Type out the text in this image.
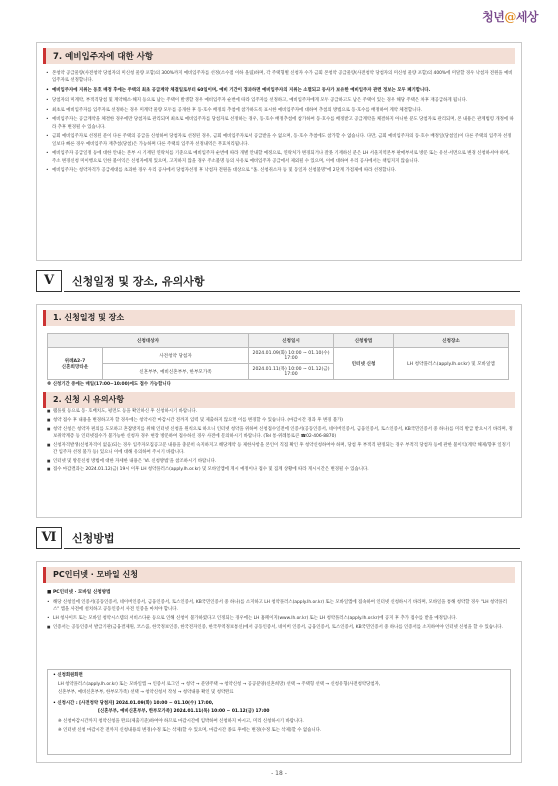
청년@세상
7. 예비입주자에 대한 사항
• 본청약 공급물량(사전청약 당첨자의 미신청 물량 포함)의 300%까지 예비입주자를 선정(소수점 이하 올림)하며, 각 주택형별 신청자 수가 금회 본청약 공급물량(사전청약 당첨자의 미신청 물량 포함)의 400%에 미달할 경우 낙첨자 전원을 예비입주자로 선정합니다.
• 예비입주자에 지위는 동호 배정 후에는 주택의 최초 공급계약 체결일로부터 60일이며, 예비 기간이 경과하면 예비입주자의 지위는 소멸되고 동사가 보유한 예비입주자 관련 정보는 모두 폐기합니다.
• 당첨자의 미계약, 부적격당첨 및 계약해소·해지 등으로 남는 주택이 발생할 경우 예비입주자 순번에 따라 입주자를 선정하고, 예비입주자에게 모두 공급하고도 남은 주택이 있는 경우 해당 주택은 차후 재공급하게 됩니다.
• 최초로 예비입주자를 입주자로 선정하는 경우 미계약 물량 모두를 공개한 후 동·호수 배정의 추첨에 참가하도록 표시한 예비입주자에 대하여 추첨의 방법으로 동·호수를 배정하여 계약 체결합니다.
• 예비입주자는 공급계약을 체결한 경우에만 당첨자로 관리되며 최초로 예비입주자를 당첨자로 선정하는 경우, 동·호수 배정추첨에 참가하여 동·호수를 배정받고 공급계약을 체결하지 아니한 분도 당첨자로 관리되며, 본 내용은 관계법령 개정에 따라 추후 변경될 수 있습니다.
• 금회 예비입주자로 선정된 분이 다른 주택의 공급을 신청하여 당첨자로 선정된 경우, 금회 예비입주자로서 공급받을 수 없으며, 동·호수 추첨에도 참가할 수 없습니다. 다만, 금회 예비입주자의 동·호수 배정일(당첨일)이 다른 주택의 입주자 선정일보다 빠른 경우 예비입주자 재추첨(당첨)은 가능하며 다른 주택의 입주자 선정내역은 무효처리됩니다.
• 예비입주자 공급일정 등에 대한 안내는 본부 시 기재된 연락처를 기준으로 예비입주자 순번에 따라 개별 안내할 예정으로, 연락처가 변경되거나 잘못 기재하신 분은 LH 서울지역본부 판매부서로 방문 또는 유선·서면으로 변경 신청하셔야 하며, 주소 변경신청 미이행으로 인한 불이익은 신청자에게 있으며, 고지하지 않을 경우 주소불명 등의 사유로 예비입주자 공급에서 제외될 수 있으며, 이에 대하여 우리 공사에서는 책임지지 않습니다.
• 예비입주자는 청약자격가 공급세대를 초과한 경우 우리 공사에서 당첨자선정 후 낙첨자 전원을 대상으로 "홈. 신청취소자 등 및 동일자 신청불명"에 2단계 가점제에 따라 선정합니다.
Ⅴ	신청일정 및 장소, 유의사항
1. 신청일정 및 장소
신청대상자		신청일시	신청방법	신청장소
위례A2-7
신혼희망타운	사전청약 당첨자	2024.01.09(화) 10:00 ~ 01.10(수) 17:00	인터넷 신청	LH 청약플러스(apply.lh.or.kr) 및 모바일앱
	신혼부부, 예비신혼부부, 한부모가족	2024.01.11(목) 10:00 ~ 01.12(금) 17:00		
※ 신청기간 중에는 매일(17:00~10:00)에도 접수 가능합니다
2. 신청 시 유의사항
■ 팸플릿 등으로 동· 호배치도, 평면도 등을 확인하신 후 신청하시기 바랍니다.
■ 청약 접수 후 내용을 변경하고자 할 경우에는 청약시간 마감시간 전까지 입력 및 제출하지 않으면 이를 변경할 수 있습니다. (마감시간 경과 후 변경 불가)
■ 청약 신청은 청약자 편의를 도모하고 혼잡방지를 위해 인터넷 신청을 원칙으로 하오니 인터넷 청약을 위하여 신청접수일전에 인증서(공동인증서, 네이버인증서, 금융인증서, 토스인증서, KB국민인증서 중 하나)를 미리 발급 받으시기 바라며, 정보취약계층 등 인터넷접수가 불가능한 신청자 경우 현장 방문하여 접수하신 경우 사전에 문의하시기 바랍니다. (Tel 통·위례통로큰 ☎02-406-8870)
■ 신청자격발생(신청자격이 없음)되는 경우 입주자모집공고문 내용을 충분히 숙지하지고 해당계약 등 제한사항을 본인이 직접 확인 후 청약신청하여야 하며, 당첨 후 부적격 판정되는 경우 부적격 당첨자 등에 관한 불이익(계약 해제/향후 일정기간 입주자 선정 불가 등) 있으니 이에 대해 유의하여 주시기 바랍니다.
■ 인터넷 및 방문신청 방법에 대한 자세한 내용은 'Ⅵ. 신청방법'을 참조하시기 바랍니다.
■ 접수 마감결과는 2024.01.12(금) 19시 이후 LH 청약플러스(apply.lh.or.kr) 및 모바일앱에 게시 예정이나 접수 및 집계 상황에 따라 게시시간은 변경될 수 있습니다.
Ⅵ	신청방법
PC인터넷 · 모바일 신청
■ PC인터넷 · 모바일 신청방법
• 해당 신청일에 인증서(공동인증서, 네이버인증서, 금융인증서, 토스인증서, KB국민인증서 중 하나)를 소지하고 LH 청약플러스(apply.lh.or.kr) 또는 모바일앱에 접속하여 인터넷 신청하시기 바라며, 모바일을 통해 청약할 경우 "LH 청약플러스" 앱을 사전에 설치하고 공동인증서 사전 인증을 마쳐야 합니다.
• LH 청사이트 또는 모바일 청약시스템의 서비스다운 등으로 인해 신청이 불가하였다고 인정되는 경우에는 LH 홈페이지(www.lh.or.kr) 또는 LH 청약플러스(apply.lh.or.kr)에 공지 후 추가 접수를 받을 예정입니다.
■ 인증서는 공동인증서 발급기관(금융결제원, 코스콤, 한국정보인증, 한국전자인증, 한국무역정보통신)에서 공동인증서, 네이버 인증서, 금융인증서, 토스인증서, KB국민인증서 중 하나를 인증서를 소지하여야 인터넷 신청을 할 수 있습니다.

• 신청회원화면

LH 청약플러스(apply.lh.or.kr) 또는 모바일앱 → 인증서 로그인 → 청약 → 분양주택 → 청약신청 → 공공분양(신혼희망) 선택 → 주택형 선택 → 신청유형(사전청약당첨자,

신혼부부, 예비신혼부부, 한부모가족) 선택 → 청약신청서 작성 → 청약내용 확인 및 청약완료

• 신청시간 : [사전청약 당첨자] 2024.01.09(화) 10:00 ~ 01.10(수) 17:00,

[신혼부부, 예비신혼부부, 한부모가족] 2024.01.11(목) 10:00 ~ 01.12(금) 17:00

※ 신청마감시간까지 청약신청을 완료(제출기준)하여야 하므로 마감시간에 임박하여 신청하지 마시고, 미리 신청하시기 바랍니다.

※ 인터넷 신청 마감시간 전까지 신청내용의 변경(수정 또는 삭제)할 수 있으며, 마감시간 종료 후에는 변경(수정 또는 삭제)할 수 없습니다.

- 18 -
